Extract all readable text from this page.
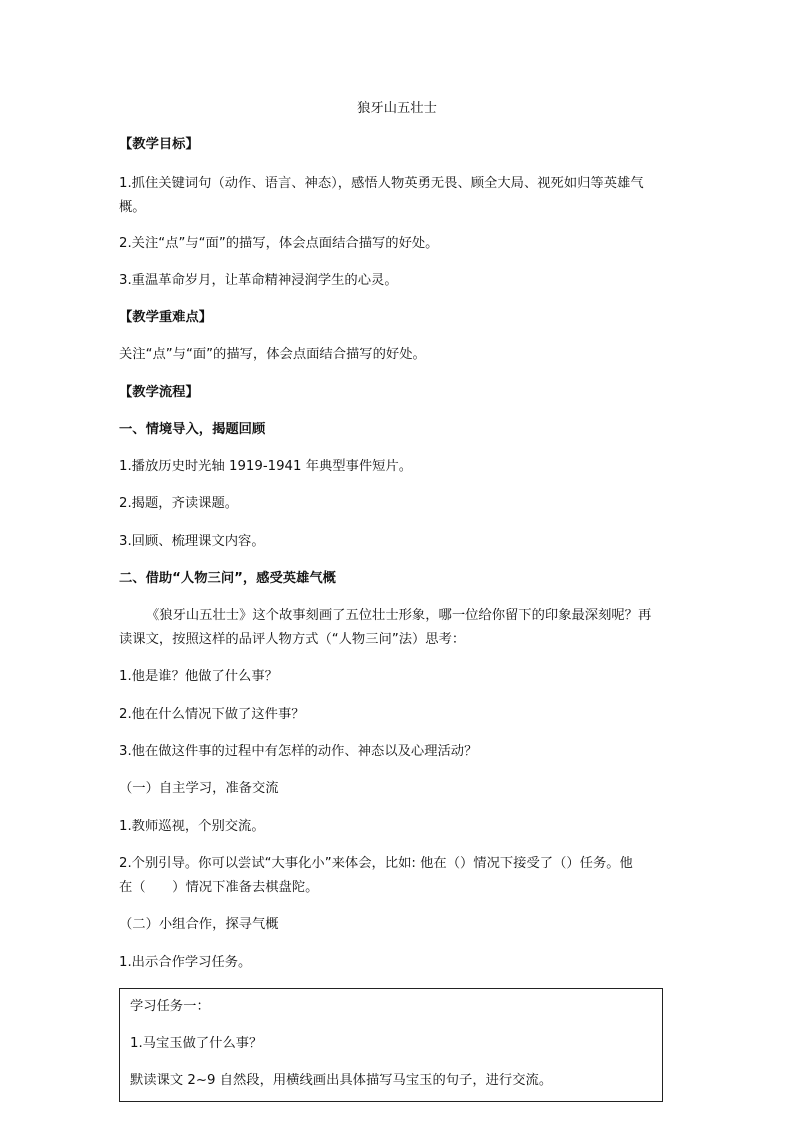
狼牙山五壮士
【教学目标】
1.抓住关键词句（动作、语言、神态），感悟人物英勇无畏、顾全大局、视死如归等英雄气
概。
2.关注“点”与“面”的描写，体会点面结合描写的好处。
3.重温革命岁月，让革命精神浸润学生的心灵。
【教学重难点】
关注“点”与“面”的描写，体会点面结合描写的好处。
【教学流程】
一、情境导入，揭题回顾
1.播放历史时光轴 1919-1941 年典型事件短片。
2.揭题，齐读课题。
3.回顾、梳理课文内容。
二、借助“人物三问”，感受英雄气概
《狼牙山五壮士》这个故事刻画了五位壮士形象，哪一位给你留下的印象最深刻呢？再
读课文，按照这样的品评人物方式（“人物三问”法）思考：
1.他是谁？他做了什么事？
2.他在什么情况下做了这件事？
3.他在做这件事的过程中有怎样的动作、神态以及心理活动？
（一）自主学习，准备交流
1.教师巡视，个别交流。
2.个别引导。你可以尝试“大事化小”来体会，比如: 他在（）情况下接受了（）任务。他
在（　　）情况下准备去棋盘陀。
（二）小组合作，探寻气概
1.出示合作学习任务。
学习任务一：
1.马宝玉做了什么事？
默读课文 2~9 自然段，用横线画出具体描写马宝玉的句子，进行交流。
